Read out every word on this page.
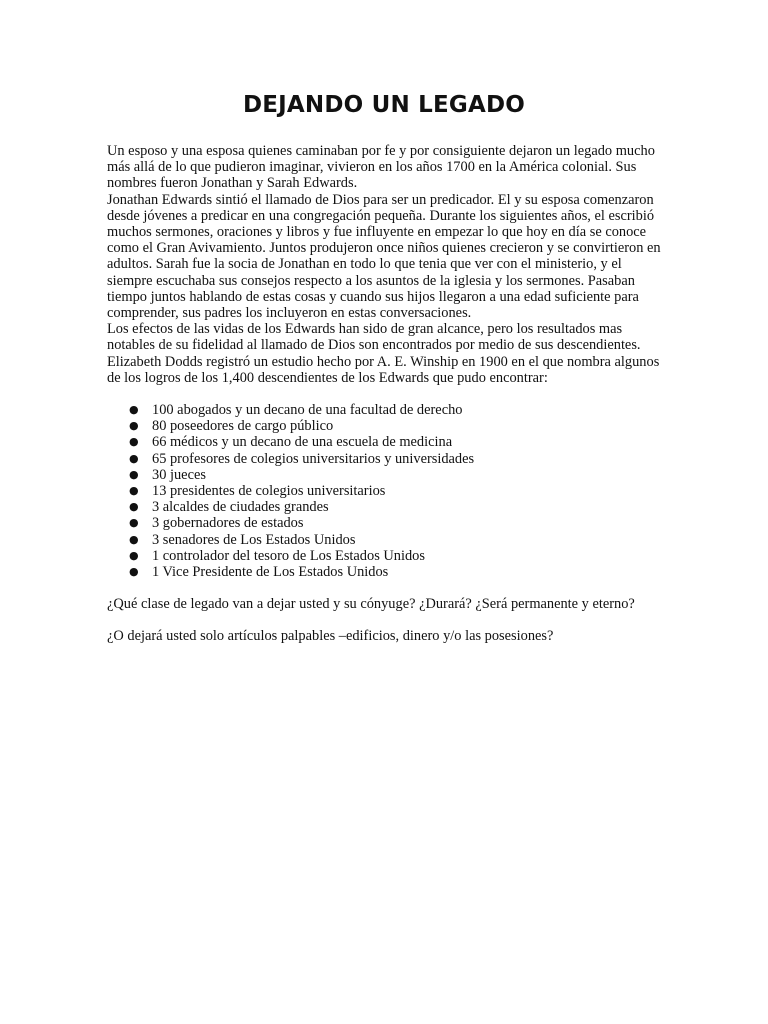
DEJANDO UN LEGADO

Un esposo y una esposa quienes caminaban por fe y por consiguiente dejaron un legado mucho más allá de lo que pudieron imaginar, vivieron en los años 1700 en la América colonial. Sus nombres fueron Jonathan y Sarah Edwards.

Jonathan Edwards sintió el llamado de Dios para ser un predicador. El y su esposa comenzaron desde jóvenes a predicar en una congregación pequeña. Durante los siguientes años, el escribió muchos sermones, oraciones y libros y fue influyente en empezar lo que hoy en día se conoce como el Gran Avivamiento. Juntos produjeron once niños quienes crecieron y se convirtieron en adultos. Sarah fue la socia de Jonathan en todo lo que tenia que ver con el ministerio, y el siempre escuchaba sus consejos respecto a los asuntos de la iglesia y los sermones. Pasaban tiempo juntos hablando de estas cosas y cuando sus hijos llegaron a una edad suficiente para comprender, sus padres los incluyeron en estas conversaciones.

Los efectos de las vidas de los Edwards han sido de gran alcance, pero los resultados mas notables de su fidelidad al llamado de Dios son encontrados por medio de sus descendientes. Elizabeth Dodds registró un estudio hecho por A. E. Winship en 1900 en el que nombra algunos de los logros de los 1,400 descendientes de los Edwards que pudo encontrar:

● 100 abogados y un decano de una facultad de derecho
● 80 poseedores de cargo público
● 66 médicos y un decano de una escuela de medicina
● 65 profesores de colegios universitarios y universidades
● 30 jueces
● 13 presidentes de colegios universitarios
● 3 alcaldes de ciudades grandes
● 3 gobernadores de estados
● 3 senadores de Los Estados Unidos
● 1 controlador del tesoro de Los Estados Unidos
● 1 Vice Presidente de Los Estados Unidos

¿Qué clase de legado van a dejar usted y su cónyuge? ¿Durará? ¿Será permanente y eterno?

¿O dejará usted solo artículos palpables –edificios, dinero y/o las posesiones?
